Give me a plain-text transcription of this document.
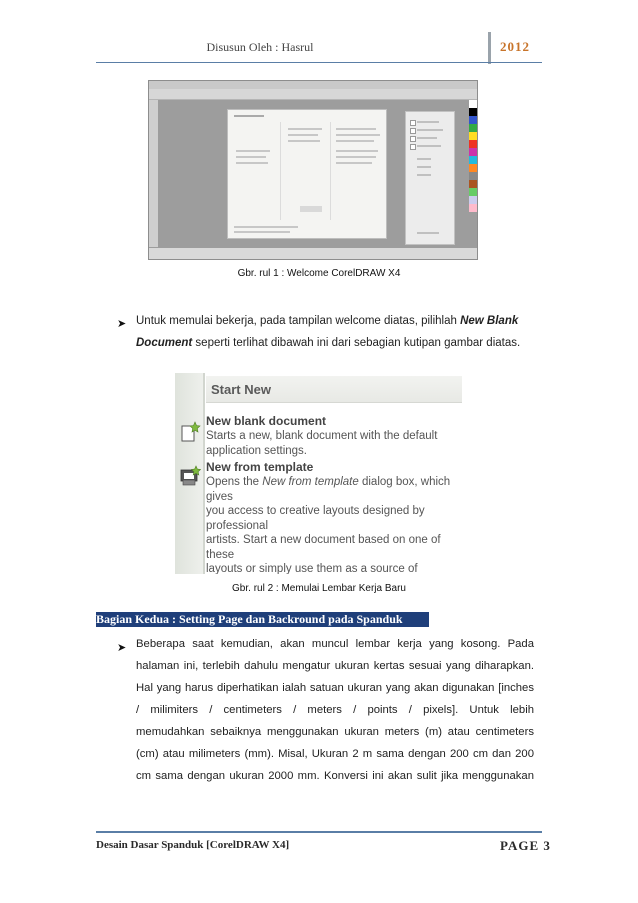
Disusun Oleh : Hasrul	2012
Gbr. rul 1 : Welcome CorelDRAW X4
➤ Untuk memulai bekerja, pada tampilan welcome diatas, pilihlah New Blank
Document seperti terlihat dibawah ini dari sebagian kutipan gambar diatas.
Start New
New blank document
Starts a new, blank document with the default
application settings.
New from template
Opens the New from template dialog box, which gives
you access to creative layouts designed by professional
artists. Start a new document based on one of these
layouts or simply use them as a source of
Gbr. rul 2 : Memulai Lembar Kerja Baru
Bagian Kedua : Setting Page dan Backround pada Spanduk
➤ Beberapa saat kemudian, akan muncul lembar kerja yang kosong. Pada
halaman ini, terlebih dahulu mengatur ukuran kertas sesuai yang diharapkan.
Hal yang harus diperhatikan ialah satuan ukuran yang akan digunakan [inches
/ milimiters / centimeters / meters / points / pixels]. Untuk lebih
memudahkan sebaiknya menggunakan ukuran meters (m) atau centimeters
(cm) atau milimeters (mm). Misal, Ukuran 2 m sama dengan 200 cm dan 200
cm sama dengan ukuran 2000 mm. Konversi ini akan sulit jika menggunakan
Desain Dasar Spanduk [CorelDRAW X4]	PAGE 3
